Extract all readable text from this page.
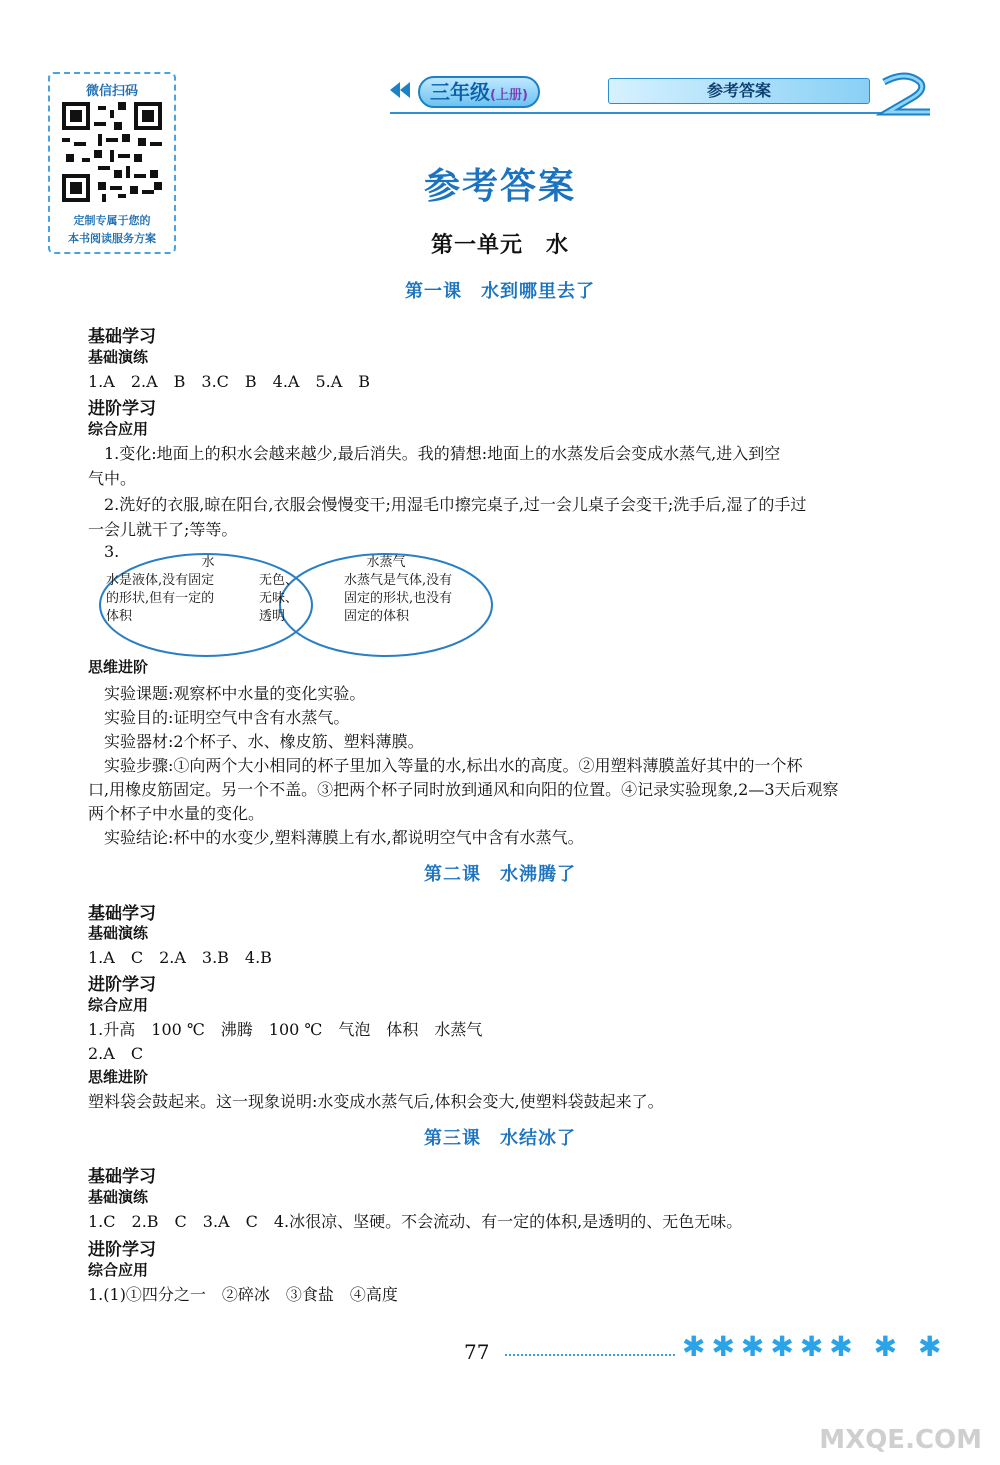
微信扫码
定制专属于您的
本书阅读服务方案
三年级(上册)	参考答案
参考答案
第一单元　水
第一课　水到哪里去了
基础学习
基础演练
1.A　2.A　B　3.C　B　4.A　5.A　B
进阶学习
综合应用
1.变化:地面上的积水会越来越少,最后消失。我的猜想:地面上的水蒸发后会变成水蒸气,进入到空
气中。
2.洗好的衣服,晾在阳台,衣服会慢慢变干;用湿毛巾擦完桌子,过一会儿桌子会变干;洗手后,湿了的手过
一会儿就干了;等等。
3.
水
水是液体,没有固定
的形状,但有一定的
体积
无色、
无味、
透明
水蒸气
水蒸气是气体,没有
固定的形状,也没有
固定的体积
思维进阶
实验课题:观察杯中水量的变化实验。
实验目的:证明空气中含有水蒸气。
实验器材:2个杯子、水、橡皮筋、塑料薄膜。
实验步骤:①向两个大小相同的杯子里加入等量的水,标出水的高度。②用塑料薄膜盖好其中的一个杯
口,用橡皮筋固定。另一个不盖。③把两个杯子同时放到通风和向阳的位置。④记录实验现象,2—3天后观察
两个杯子中水量的变化。
实验结论:杯中的水变少,塑料薄膜上有水,都说明空气中含有水蒸气。
第二课　水沸腾了
基础学习
基础演练
1.A　C　2.A　3.B　4.B
进阶学习
综合应用
1.升高　100 ℃　沸腾　100 ℃　气泡　体积　水蒸气
2.A　C
思维进阶
塑料袋会鼓起来。这一现象说明:水变成水蒸气后,体积会变大,使塑料袋鼓起来了。
第三课　水结冰了
基础学习
基础演练
1.C　2.B　C　3.A　C　4.冰很凉、坚硬。不会流动、有一定的体积,是透明的、无色无味。
进阶学习
综合应用
1.(1)①四分之一　②碎冰　③食盐　④高度
77	✱✱✱✱✱✱ ✱ ✱
MXQE.COM
